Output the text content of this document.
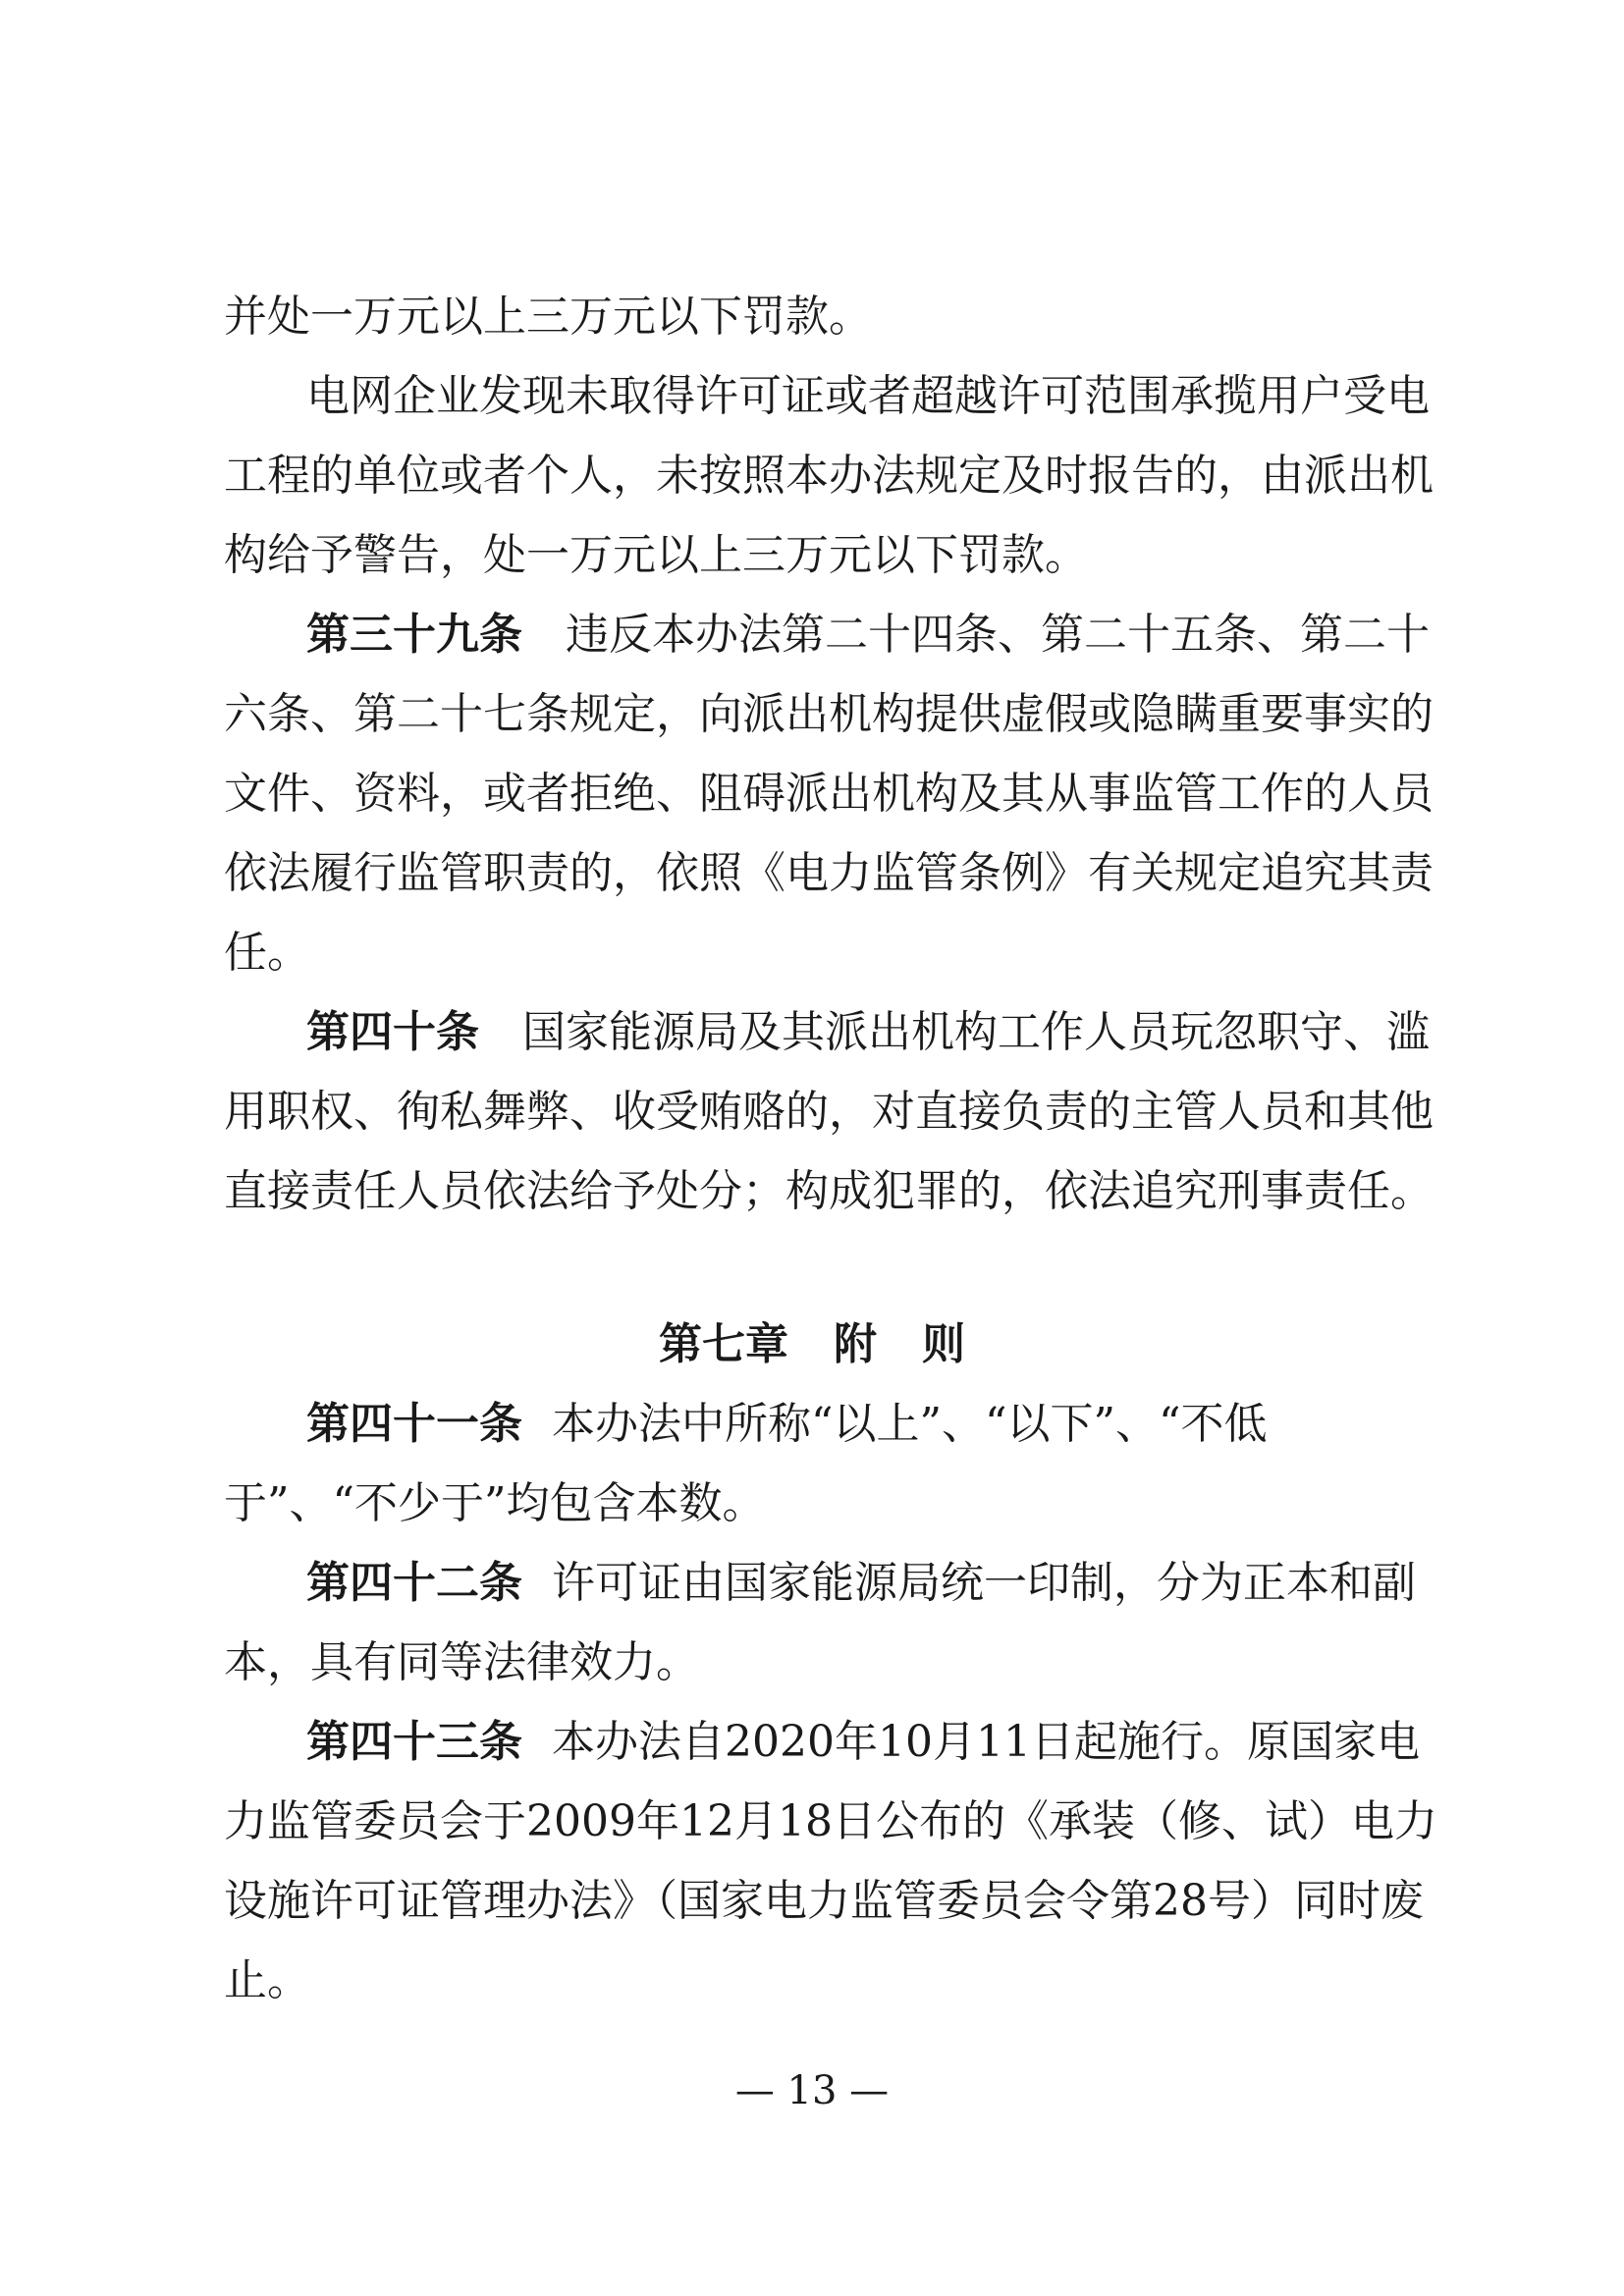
并处一万元以上三万元以下罚款。
电网企业发现未取得许可证或者超越许可范围承揽用户受电
工 程 的 单 位 或 者 个 人 ， 未 按 照 本 办 法 规 定 及 时 报 告 的 ， 由 派 出 机
构给予警告，处一万元以上三万元以下罚款。
第三十九条 违反本办法第二十四条、第二十五条、第二十
六 条 、 第 二 十 七 条 规 定 ， 向 派 出 机 构 提 供 虚 假 或 隐 瞒 重 要 事 实 的
文 件 、 资 料 ， 或 者 拒 绝 、 阻 碍 派 出 机 构 及 其 从 事 监 管 工 作 的 人 员
依 法 履 行 监 管 职 责 的 ， 依 照 《 电 力 监 管 条 例 》 有 关 规 定 追 究 其 责
任。
第四十条 国家能源局及其派出机构工作人员玩忽职守、滥
用 职 权 、 徇 私 舞 弊 、 收 受 贿 赂 的 ， 对 直 接 负 责 的 主 管 人 员 和 其 他
直接责任人员依法给予处分；构成犯罪的，依法追究刑事责任。
第七章   附   则
第四十一条 本办法中所称“以上”、“以下”、“不低
于”、“不少于”均包含本数。
第四十二条 许可证由国家能源局统一印制，分为正本和副
本，具有同等法律效力。
第四十三条 本办法自2020年10月11日起施行。原国家电
力监管委员会于2009年12月18日公布的《承装（修、试）电力
设施许可证管理办法》（国家电力监管委员会令第28号）同时废
止。
— 13 —
